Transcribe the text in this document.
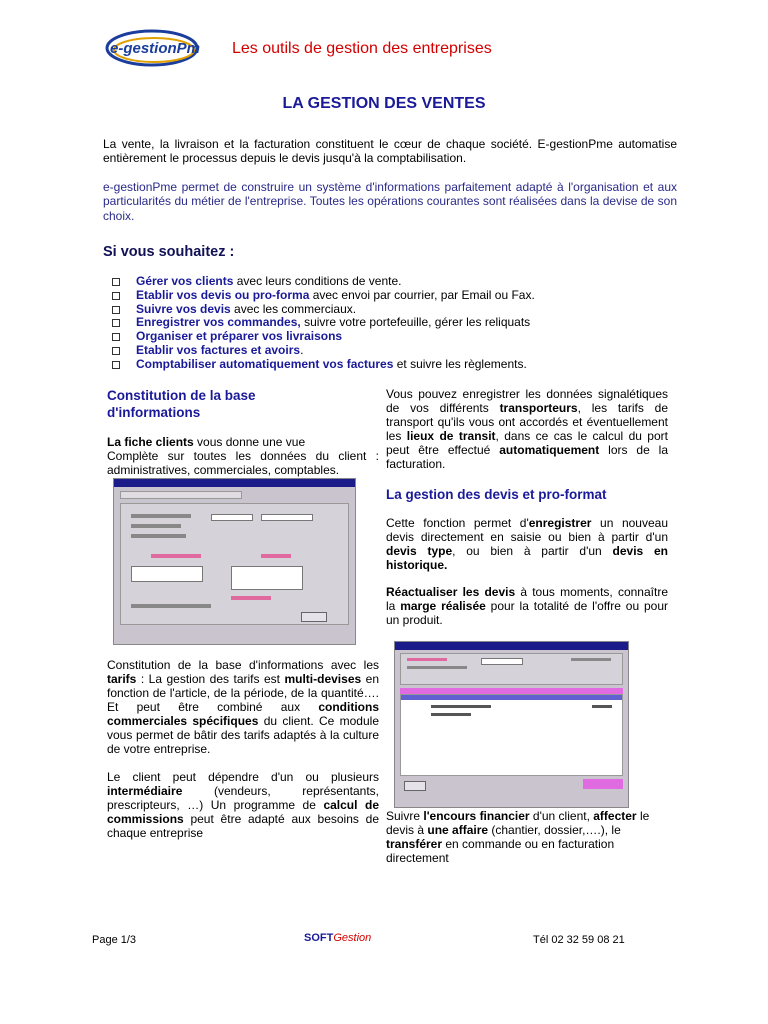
e-gestionPme Les outils de gestion des entreprises
LA GESTION DES VENTES
La vente, la livraison et la facturation constituent le cœur de chaque société. E-gestionPme automatise entièrement le processus depuis le devis jusqu'à la comptabilisation.
e-gestionPme permet de construire un système d'informations parfaitement adapté à l'organisation et aux particularités du métier de l'entreprise. Toutes les opérations courantes sont réalisées dans la devise de son choix.
Si vous souhaitez :
Gérer vos clients avec leurs conditions de vente.
Etablir vos devis ou pro-forma avec envoi par courrier, par Email ou Fax.
Suivre vos devis avec les commerciaux.
Enregistrer vos commandes, suivre votre portefeuille, gérer les reliquats
Organiser et préparer vos livraisons
Etablir vos factures et avoirs.
Comptabiliser automatiquement vos factures et suivre les règlements.
Constitution de la base d'informations
La fiche clients vous donne une vue
Complète sur toutes les données du client : administratives, commerciales, comptables.
Constitution de la base d'informations avec les tarifs : La gestion des tarifs est multi-devises en fonction de l'article, de la période, de la quantité…. Et peut être combiné aux conditions commerciales spécifiques du client. Ce module vous permet de bâtir des tarifs adaptés à la culture de votre entreprise.
Le client peut dépendre d'un ou plusieurs intermédiaire (vendeurs, représentants, prescripteurs, …) Un programme de calcul de commissions peut être adapté aux besoins de chaque entreprise
Vous pouvez enregistrer les données signalétiques de vos différents transporteurs, les tarifs de transport qu'ils vous ont accordés et éventuellement les lieux de transit, dans ce cas le calcul du port peut être effectué automatiquement lors de la facturation.
La gestion des devis et pro-format
Cette fonction permet d'enregistrer un nouveau devis directement en saisie ou bien à partir d'un devis type, ou bien à partir d'un devis en historique.
Réactualiser les devis à tous moments, connaître la marge réalisée pour la totalité de l'offre ou pour un produit.
Suivre l'encours financier d'un client, affecter le devis à une affaire (chantier, dossier,….), le transférer en commande ou en facturation directement
Page 1/3	SOFTGestion	Tél 02 32 59 08 21
